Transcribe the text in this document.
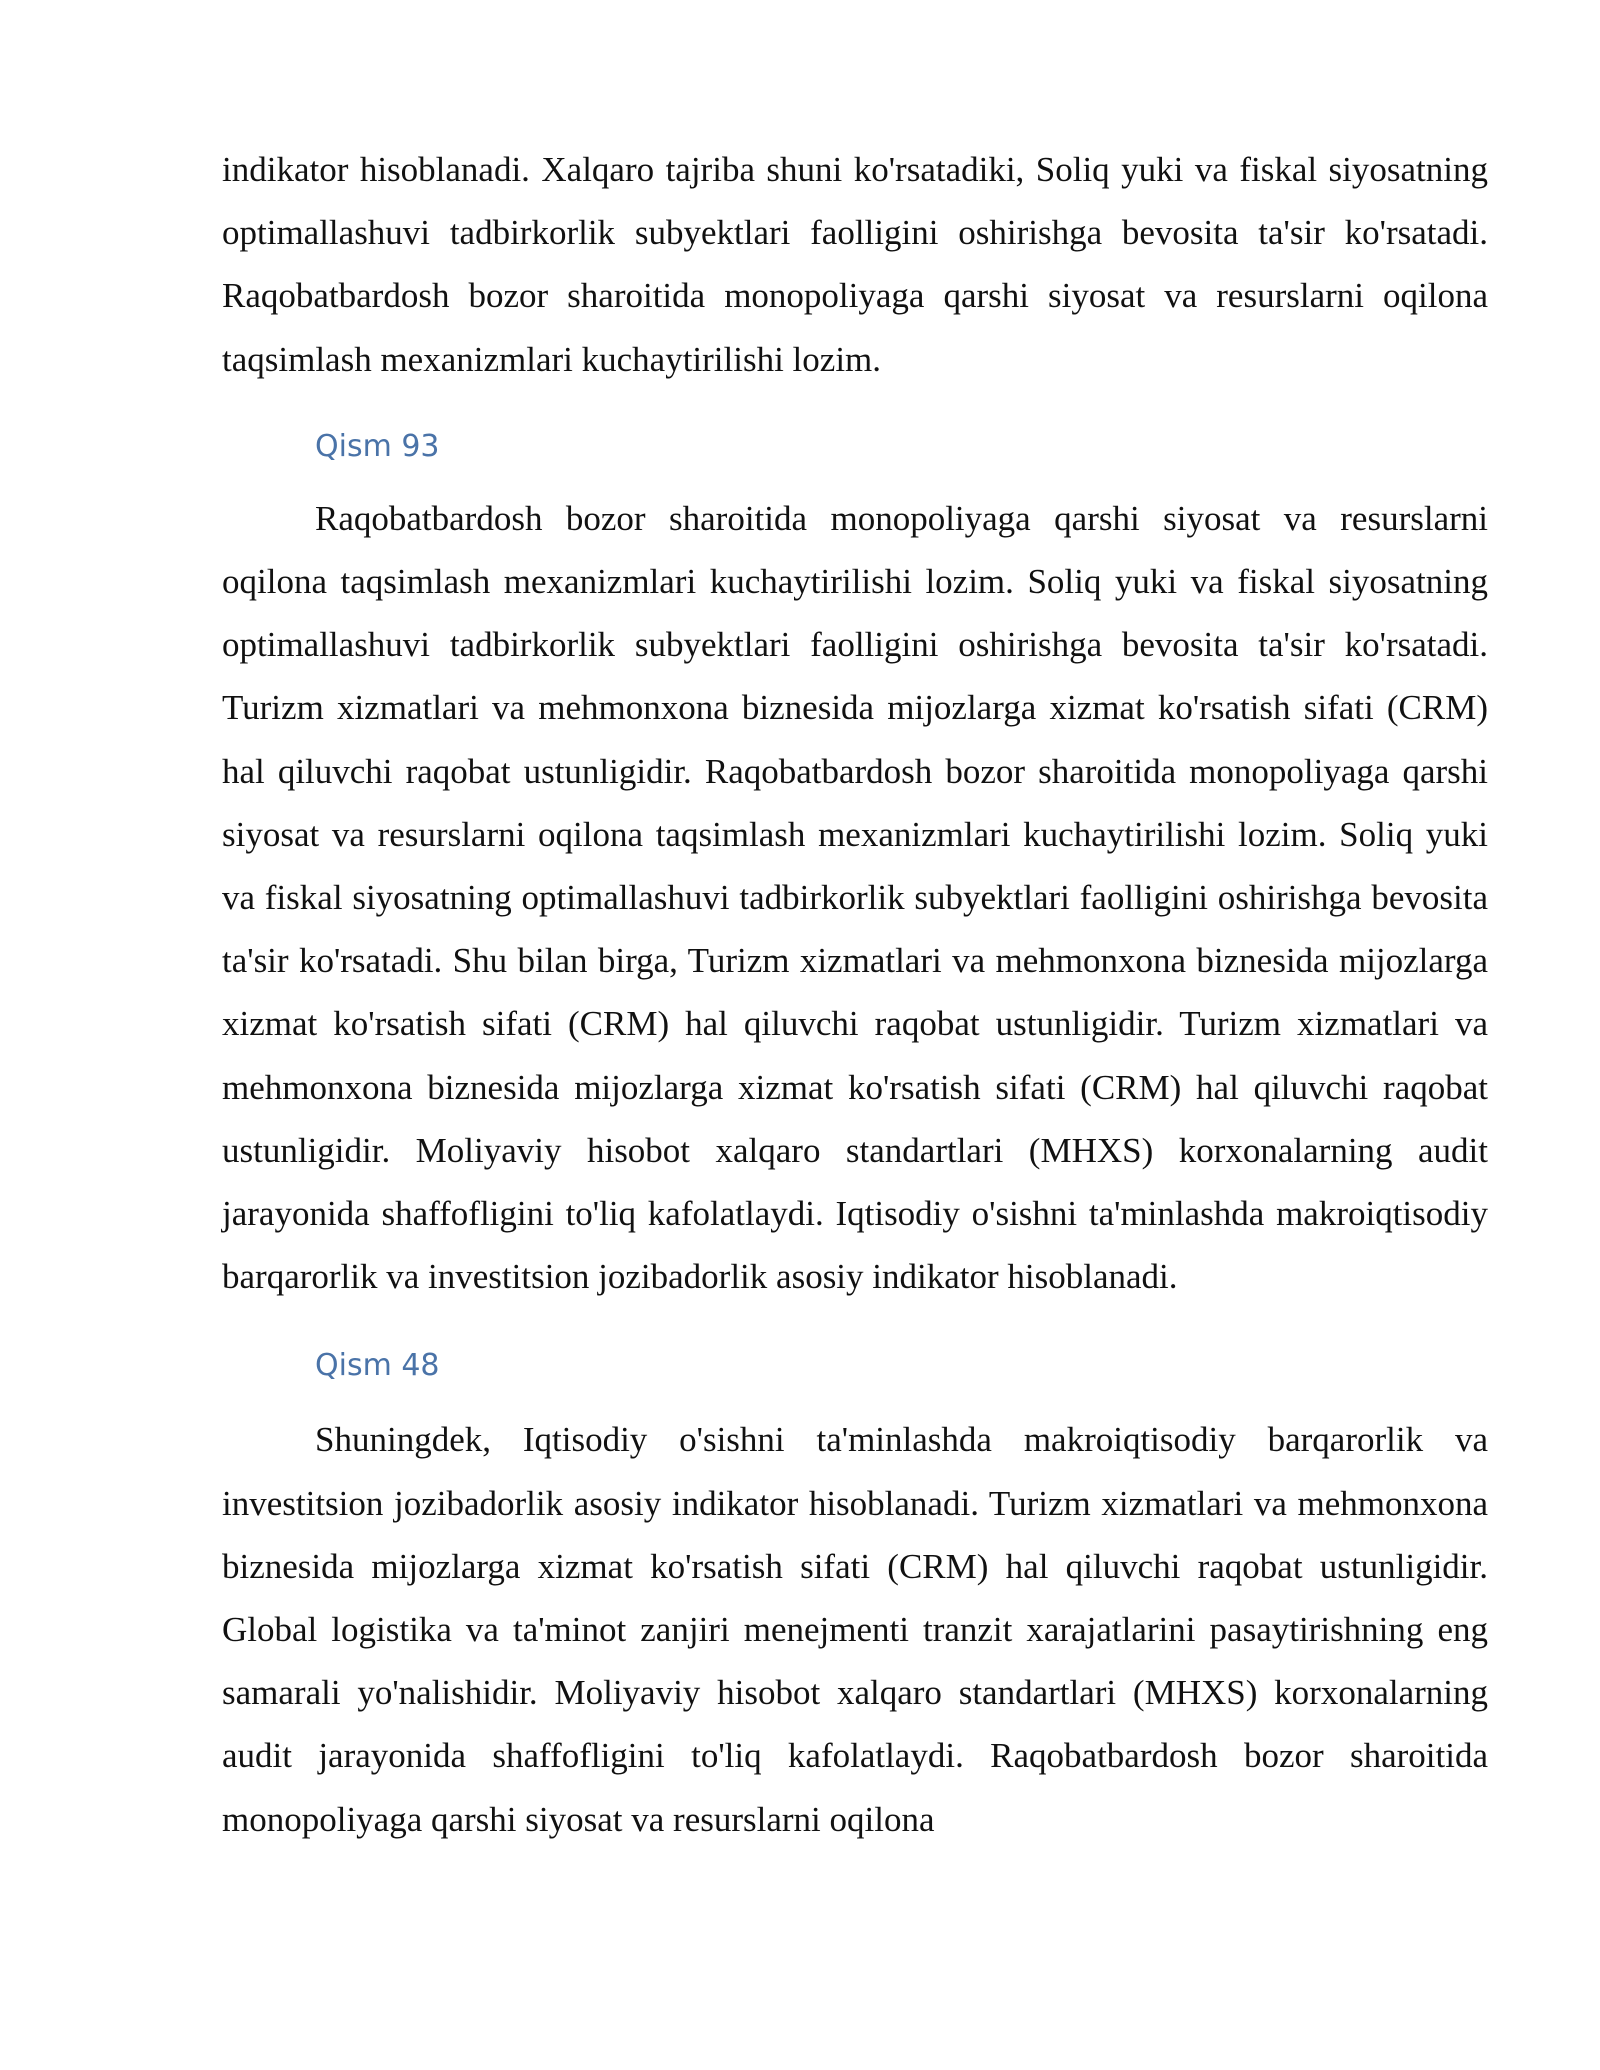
indikator hisoblanadi. Xalqaro tajriba shuni ko'rsatadiki, Soliq yuki va fiskal siyosatning optimallashuvi tadbirkorlik subyektlari faolligini oshirishga bevosita ta'sir ko'rsatadi. Raqobatbardosh bozor sharoitida monopoliyaga qarshi siyosat va resurslarni oqilona taqsimlash mexanizmlari kuchaytirilishi lozim.

Qism 93

Raqobatbardosh bozor sharoitida monopoliyaga qarshi siyosat va resurslarni oqilona taqsimlash mexanizmlari kuchaytirilishi lozim. Soliq yuki va fiskal siyosatning optimallashuvi tadbirkorlik subyektlari faolligini oshirishga bevosita ta'sir ko'rsatadi. Turizm xizmatlari va mehmonxona biznesida mijozlarga xizmat ko'rsatish sifati (CRM) hal qiluvchi raqobat ustunligidir. Raqobatbardosh bozor sharoitida monopoliyaga qarshi siyosat va resurslarni oqilona taqsimlash mexanizmlari kuchaytirilishi lozim. Soliq yuki va fiskal siyosatning optimallashuvi tadbirkorlik subyektlari faolligini oshirishga bevosita ta'sir ko'rsatadi. Shu bilan birga, Turizm xizmatlari va mehmonxona biznesida mijozlarga xizmat ko'rsatish sifati (CRM) hal qiluvchi raqobat ustunligidir. Turizm xizmatlari va mehmonxona biznesida mijozlarga xizmat ko'rsatish sifati (CRM) hal qiluvchi raqobat ustunligidir. Moliyaviy hisobot xalqaro standartlari (MHXS) korxonalarning audit jarayonida shaffofligini to'liq kafolatlaydi. Iqtisodiy o'sishni ta'minlashda makroiqtisodiy barqarorlik va investitsion jozibadorlik asosiy indikator hisoblanadi.

Qism 48

Shuningdek, Iqtisodiy o'sishni ta'minlashda makroiqtisodiy barqarorlik va investitsion jozibadorlik asosiy indikator hisoblanadi. Turizm xizmatlari va mehmonxona biznesida mijozlarga xizmat ko'rsatish sifati (CRM) hal qiluvchi raqobat ustunligidir. Global logistika va ta'minot zanjiri menejmenti tranzit xarajatlarini pasaytirishning eng samarali yo'nalishidir. Moliyaviy hisobot xalqaro standartlari (MHXS) korxonalarning audit jarayonida shaffofligini to'liq kafolatlaydi. Raqobatbardosh bozor sharoitida monopoliyaga qarshi siyosat va resurslarni oqilona
